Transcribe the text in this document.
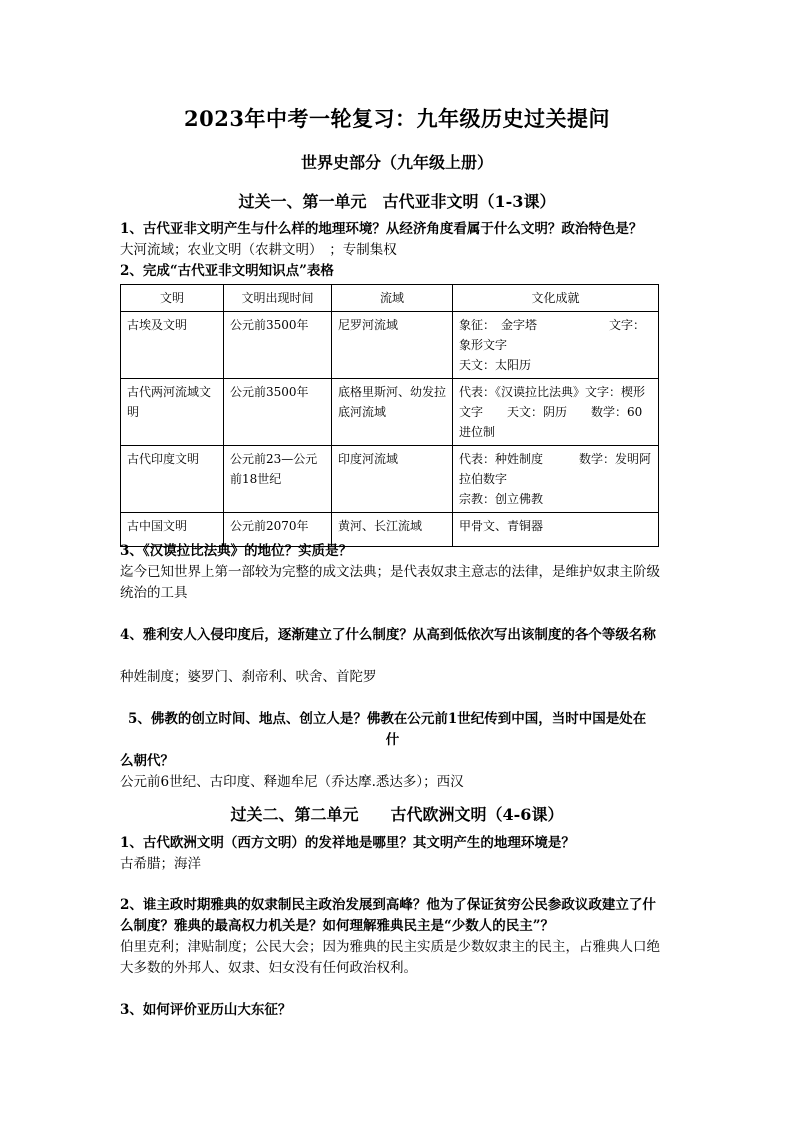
2023年中考一轮复习：九年级历史过关提问
世界史部分（九年级上册）
过关一、第一单元　古代亚非文明（1-3课）
1、古代亚非文明产生与什么样的地理环境？从经济角度看属于什么文明？政治特色是？
大河流域；农业文明（农耕文明）　；专制集权
2、完成“古代亚非文明知识点”表格
文明	文明出现时间	流域	文化成就
古埃及文明	公元前3500年	尼罗河流域	象征：　金字塔　　　　　　文字：象形文字
天文：太阳历

古代两河流域文明	公元前3500年	底格里斯河、幼发拉底河流域	代表：《汉谟拉比法典》文字：楔形文字　　天文：阴历　　数学：60进位制

古代印度文明	公元前23—公元前18世纪	印度河流域	代表：种姓制度　　　数学：发明阿拉伯数字
宗教：创立佛教

古中国文明	公元前2070年	黄河、长江流域	甲骨文、青铜器
3、《汉谟拉比法典》的地位？实质是？
迄今已知世界上第一部较为完整的成文法典；是代表奴隶主意志的法律，是维护奴隶主阶级统治的工具
4、雅利安人入侵印度后，逐渐建立了什么制度？从高到低依次写出该制度的各个等级名称
种姓制度；婆罗门、刹帝利、吠舍、首陀罗
5、佛教的创立时间、地点、创立人是？佛教在公元前1世纪传到中国，当时中国是处在
什
么朝代？
公元前6世纪、古印度、释迦牟尼（乔达摩.悉达多）；西汉
过关二、第二单元　　古代欧洲文明（4-6课）
1、古代欧洲文明（西方文明）的发祥地是哪里？其文明产生的地理环境是？
古希腊；海洋
2、谁主政时期雅典的奴隶制民主政治发展到高峰？他为了保证贫穷公民参政议政建立了什么制度？雅典的最高权力机关是？如何理解雅典民主是“少数人的民主”？
伯里克利；津贴制度；公民大会；因为雅典的民主实质是少数奴隶主的民主，占雅典人口绝大多数的外邦人、奴隶、妇女没有任何政治权利。
3、如何评价亚历山大东征？
